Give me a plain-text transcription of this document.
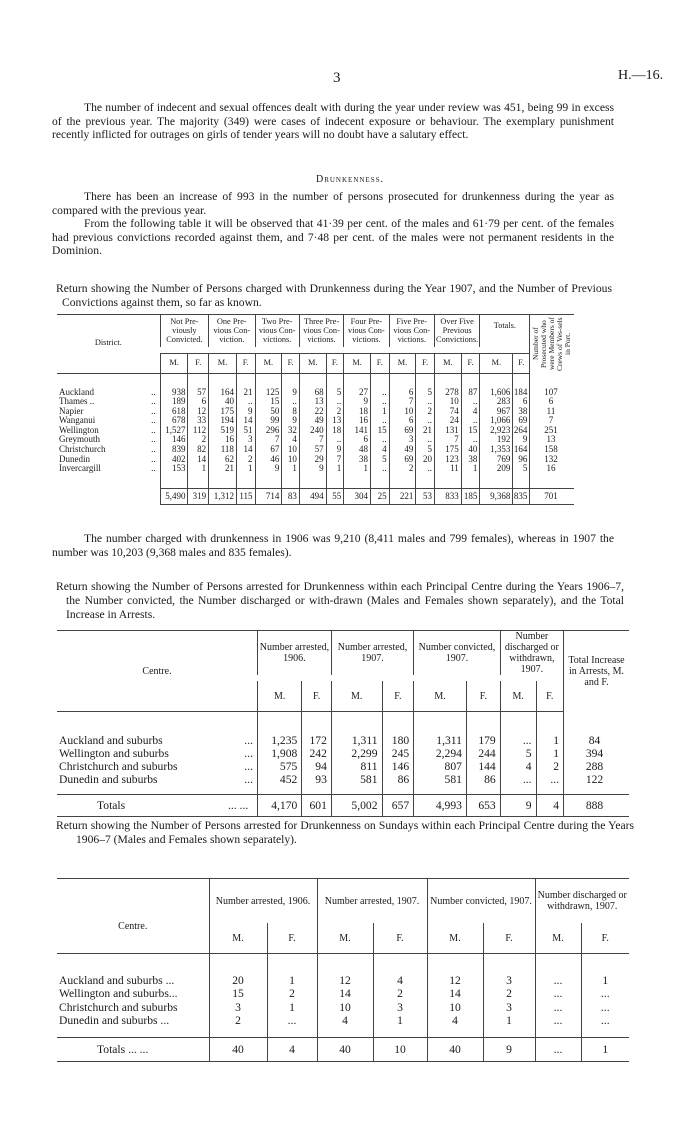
3	H.—16.

The number of indecent and sexual offences dealt with during the year under review was 451, being 99 in excess of the previous year. The majority (349) were cases of indecent exposure or behaviour. The exemplary punishment recently inflicted for outrages on girls of tender years will no doubt have a salutary effect.

Drunkenness.

There has been an increase of 993 in the number of persons prosecuted for drunkenness during the year as compared with the previous year.

From the following table it will be observed that 41·39 per cent. of the males and 61·79 per cent. of the females had previous convictions recorded against them, and 7·48 per cent. of the males were not permanent residents in the Dominion.

Return showing the Number of Persons charged with Drunkenness during the Year 1907, and the Number of Previous Convictions against them, so far as known.
District.		Not Pre-viously Convicted.		One Pre-vious Con-viction.		Two Pre-vious Con-victions.		Three Pre-vious Con-victions.		Four Pre-vious Con-victions.		Five Pre-vious Con-victions.		Over Five Previous Convictions.		Totals.		Number of Prosecuted who were Members of Crews of Ves-sels in Port.

		M.	F.	M.	F.	M.	F.	M.	F.	M.	F.	M.	F.	M.	F.	M.	F.	

Auckland	..	938	57	164	21	125	9	68	5	27	..	6	5	278	87	1,606	184	107
Thames ..	..	189	6	40	..	15	..	13	..	9	..	7	..	10	..	283	6	6
Napier	..	618	12	175	9	50	8	22	2	18	1	10	2	74	4	967	38	11
Wanganui	..	678	33	194	14	99	9	49	13	16	..	6	..	24	..	1,066	69	7
Wellington	..	1,527	112	519	51	296	32	240	18	141	15	69	21	131	15	2,923	264	251
Greymouth	..	146	2	16	3	7	4	7	..	6	..	3	..	7	..	192	9	13
Christchurch	..	839	82	118	14	67	10	57	9	48	4	49	5	175	40	1,353	164	158
Dunedin	..	402	14	62	2	46	10	29	7	38	5	69	20	123	38	769	96	132
Invercargill	..	153	1	21	1	9	1	9	1	1	..	2	..	11	1	209	5	16

		5,490	319	1,312	115	714	83	494	55	304	25	221	53	833	185	9,368	835	701

The number charged with drunkenness in 1906 was 9,210 (8,411 males and 799 females), whereas in 1907 the number was 10,203 (9,368 males and 835 females).

Return showing the Number of Persons arrested for Drunkenness within each Principal Centre during the Years 1906–7, the Number convicted, the Number discharged or with-drawn (Males and Females shown separately), and the Total Increase in Arrests.
Centre.		Number arrested, 1906.		Number arrested, 1907.		Number convicted, 1907.		Number discharged or withdrawn, 1907.		Total Increase in Arrests, M. and F.

		M.	F.	M.	F.	M.	F.	M.	F.	

Auckland and suburbs	...	1,235	172	1,311	180	1,311	179	...	1	84
Wellington and suburbs	...	1,908	242	2,299	245	2,294	244	5	1	394
Christchurch and suburbs	...	575	94	811	146	807	144	4	2	288
Dunedin and suburbs	...	452	93	581	86	581	86	...	...	122

Totals	... ...	4,170	601	5,002	657	4,993	653	9	4	888
Return showing the Number of Persons arrested for Drunkenness on Sundays within each Principal Centre during the Years 1906–7 (Males and Females shown separately).
Centre.	Number arrested, 1906.		Number arrested, 1907.		Number convicted, 1907.		Number discharged or withdrawn, 1907.	
	M.	F.	M.	F.	M.	F.	M.	F.

Auckland and suburbs ...	20	1	12	4	12	3	...	1
Wellington and suburbs...	15	2	14	2	14	2	...	...
Christchurch and suburbs	3	1	10	3	10	3	...	...
Dunedin and suburbs ...	2	...	4	1	4	1	...	...

Totals ... ...	40	4	40	10	40	9	...	1
